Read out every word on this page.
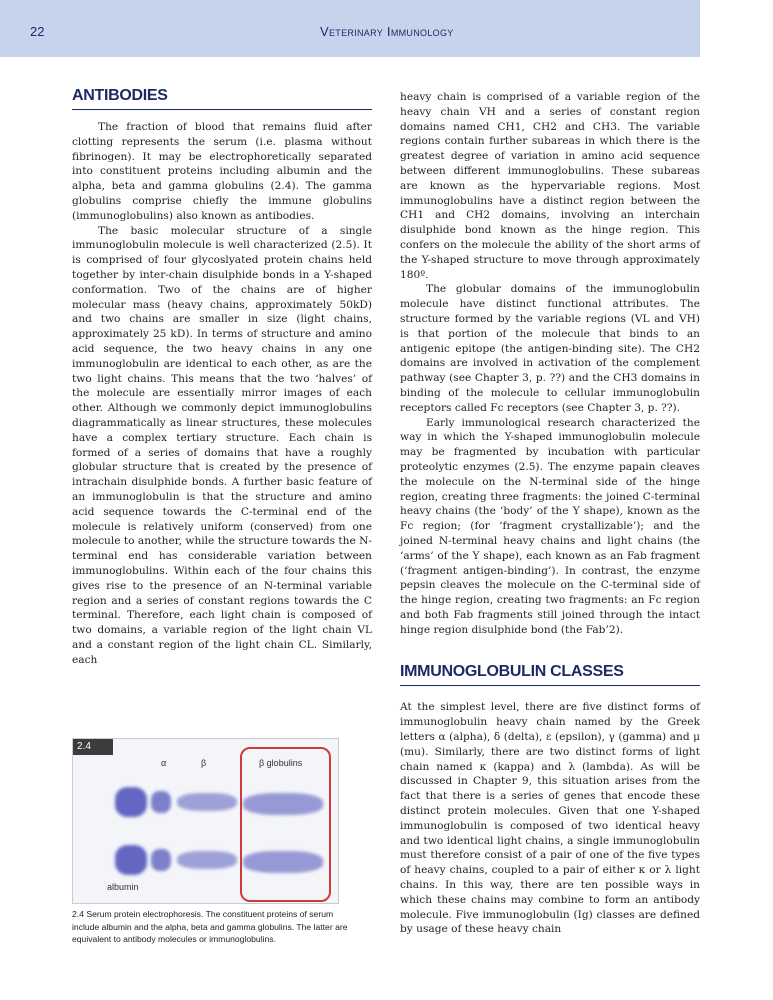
22	Veterinary Immunology
ANTIBODIES

The fraction of blood that remains fluid after clotting represents the serum (i.e. plasma without fibrinogen). It may be electrophoretically separated into constituent proteins including albumin and the alpha, beta and gamma globulins (2.4). The gamma globulins comprise chiefly the immune globulins (immunoglobulins) also known as antibodies.

The basic molecular structure of a single immunoglobulin molecule is well characterized (2.5). It is comprised of four glycoslyated protein chains held together by inter-chain disulphide bonds in a Y-shaped conformation. Two of the chains are of higher molecular mass (heavy chains, approximately 50kD) and two chains are smaller in size (light chains, approximately 25 kD). In terms of structure and amino acid sequence, the two heavy chains in any one immunoglobulin are identical to each other, as are the two light chains. This means that the two ‘halves’ of the molecule are essentially mirror images of each other. Although we commonly depict immunoglobulins diagrammatically as linear structures, these molecules have a complex tertiary structure. Each chain is formed of a series of domains that have a roughly globular structure that is created by the presence of intrachain disulphide bonds. A further basic feature of an immunoglobulin is that the structure and amino acid sequence towards the C-terminal end of the molecule is relatively uniform (conserved) from one molecule to another, while the structure towards the N-terminal end has considerable variation between immunoglobulins. Within each of the four chains this gives rise to the presence of an N-terminal variable region and a series of constant regions towards the C terminal. Therefore, each light chain is composed of two domains, a variable region of the light chain VL and a constant region of the light chain CL. Similarly, each

heavy chain is comprised of a variable region of the heavy chain VH and a series of constant region domains named CH1, CH2 and CH3. The variable regions contain further subareas in which there is the greatest degree of variation in amino acid sequence between different immunoglobulins. These subareas are known as the hypervariable regions. Most immunoglobulins have a distinct region between the CH1 and CH2 domains, involving an interchain disulphide bond known as the hinge region. This confers on the molecule the ability of the short arms of the Y-shaped structure to move through approximately 180º.

The globular domains of the immunoglobulin molecule have distinct functional attributes. The structure formed by the variable regions (VL and VH) is that portion of the molecule that binds to an antigenic epitope (the antigen-binding site). The CH2 domains are involved in activation of the complement pathway (see Chapter 3, p. ??) and the CH3 domains in binding of the molecule to cellular immunoglobulin receptors called Fc receptors (see Chapter 3, p. ??).

Early immunological research characterized the way in which the Y-shaped immunoglobulin molecule may be fragmented by incubation with particular proteolytic enzymes (2.5). The enzyme papain cleaves the molecule on the N-terminal side of the hinge region, creating three fragments: the joined C-terminal heavy chains (the ‘body’ of the Y shape), known as the Fc region; (for ‘fragment crystallizable’); and the joined N-terminal heavy chains and light chains (the ‘arms’ of the Y shape), each known as an Fab fragment (‘fragment antigen-binding’). In contrast, the enzyme pepsin cleaves the molecule on the C-terminal side of the hinge region, creating two fragments: an Fc region and both Fab fragments still joined through the intact hinge region disulphide bond (the Fab’2).

IMMUNOGLOBULIN CLASSES

At the simplest level, there are five distinct forms of immunoglobulin heavy chain named by the Greek letters α (alpha), δ (delta), ε (epsilon), γ (gamma) and μ (mu). Similarly, there are two distinct forms of light chain named κ (kappa) and λ (lambda). As will be discussed in Chapter 9, this situation arises from the fact that there is a series of genes that encode these distinct protein molecules. Given that one Y-shaped immunoglobulin is composed of two identical heavy and two identical light chains, a single immunoglobulin must therefore consist of a pair of one of the five types of heavy chains, coupled to a pair of either κ or λ light chains. In this way, there are ten possible ways in which these chains may combine to form an antibody molecule. Five immunoglobulin (Ig) classes are defined by usage of these heavy chain

2.4
α	β	β globulins
albumin
2.4 Serum protein electrophoresis. The constituent proteins of serum include albumin and the alpha, beta and gamma globulins. The latter are equivalent to antibody molecules or immunoglobulins.
